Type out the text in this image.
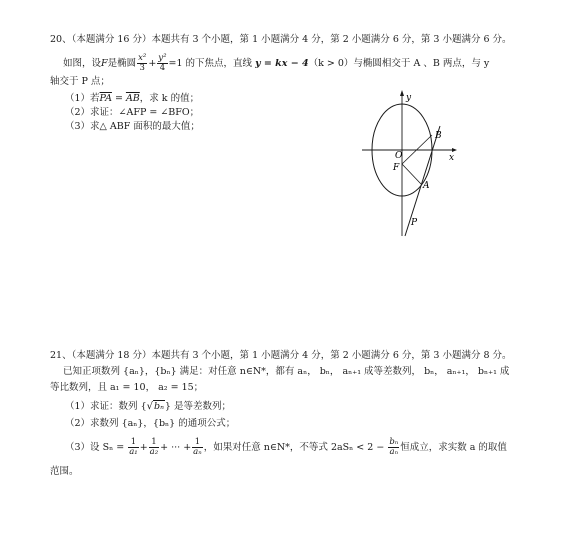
20、（本题满分 16 分）本题共有 3 个小题，第 1 小题满分 4 分，第 2 小题满分 6 分，第 3 小题满分 6 分。
如图，设F是椭圆 $\frac{\text{x²}}{3} + \frac{\text{y²}}{4} =1$ 的下焦点，直线 y = kx − 4（k > 0）与椭圆相交于 A 、B 两点，与 y
轴交于 P 点；
（1）若$\overline{PA} = \overline{AB}$，求 k 的值；
（2）求证：∠AFP = ∠BFO；
（3）求△ ABF 面积的最大值；
y
x
B
O
F
A
P
21、（本题满分 18 分）本题共有 3 个小题，第 1 小题满分 4 分，第 2 小题满分 6 分，第 3 小题满分 8 分。
已知正项数列 {aₙ}，{bₙ} 满足：对任意 n∈N*，都有 aₙ， bₙ， aₙ₊₁ 成等差数列， bₙ， aₙ₊₁， bₙ₊₁ 成
等比数列，且 a₁ = 10， a₂ = 15；
（1）求证：数列 {√bₙ} 是等差数列；
（2）求数列 {aₙ}，{bₙ} 的通项公式；
（3）设 $S_n = \frac{1}{\text{a₁}} + \frac{1}{\text{a₂}}$ + ··· + $\frac{1}{\text{aₙ}}$ ，如果对任意 n∈N*，不等式 $2aS_n < 2 - \frac{\text{bₙ}}{\text{aₙ}}$ 恒成立，求实数 a 的取值
范围。
